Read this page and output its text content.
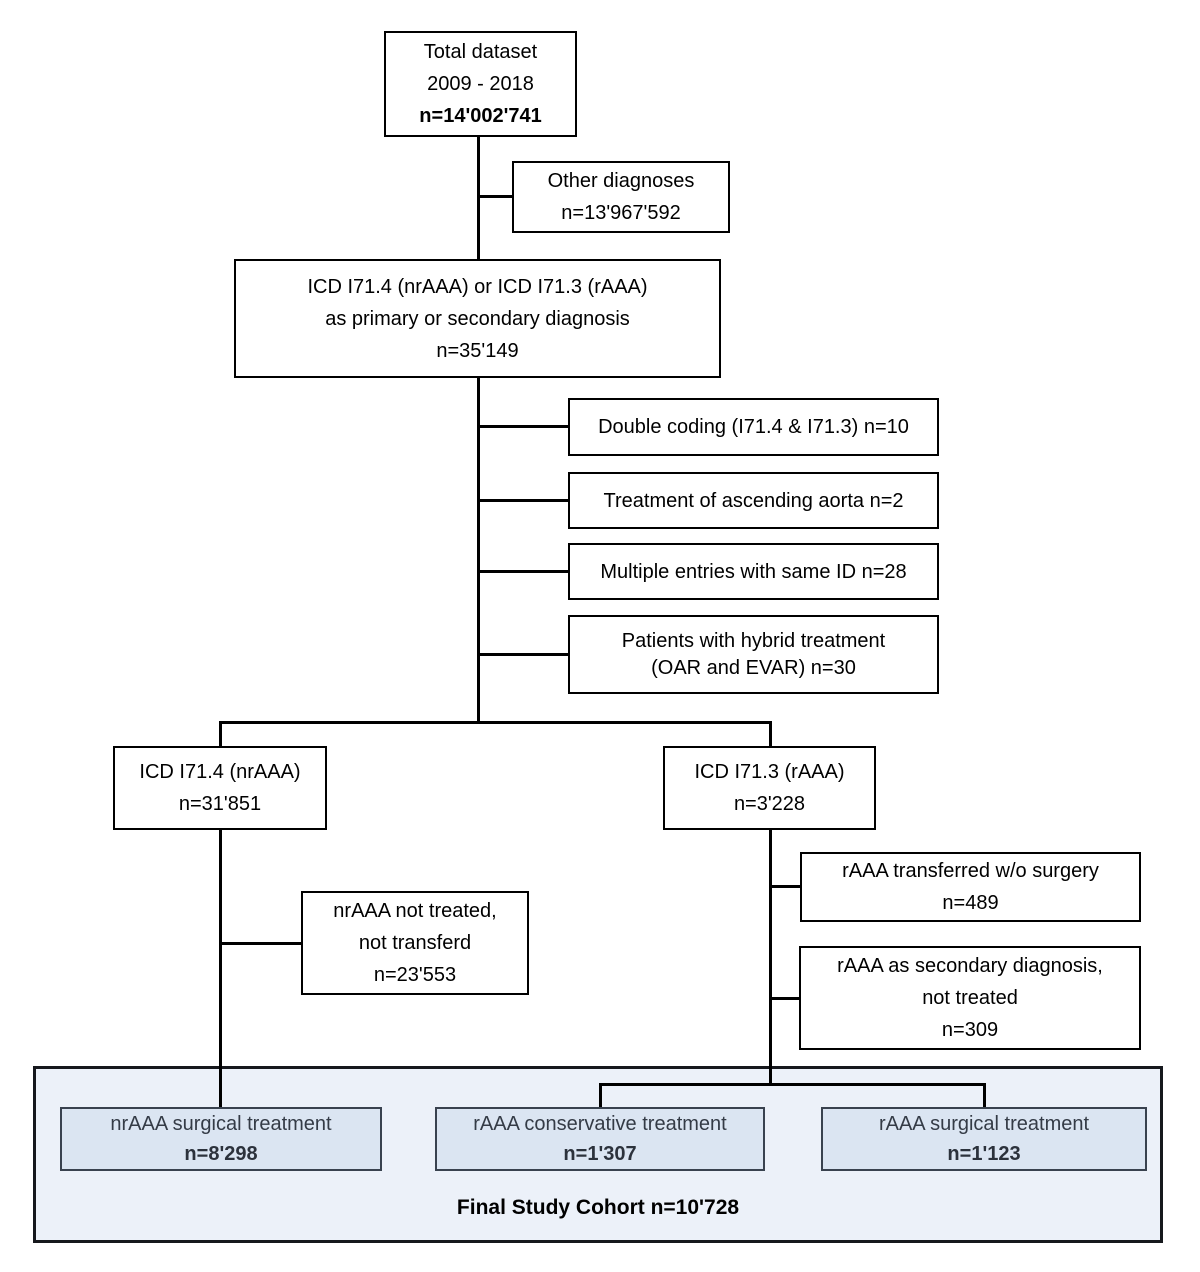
Total dataset
2009 - 2018
n=14'002'741
Other diagnoses
n=13'967'592
ICD I71.4 (nrAAA) or ICD I71.3 (rAAA)
as primary or secondary diagnosis
n=35'149
Double coding (I71.4 & I71.3) n=10
Treatment of ascending aorta n=2
Multiple entries with same ID n=28
Patients with hybrid treatment
(OAR and EVAR) n=30
ICD I71.4 (nrAAA)
n=31'851
ICD I71.3 (rAAA)
n=3'228
nrAAA not treated,
not transferd
n=23'553
rAAA transferred w/o surgery
n=489
rAAA as secondary diagnosis,
not treated
n=309
nrAAA surgical treatment
n=8'298
rAAA conservative treatment
n=1'307
rAAA surgical treatment
n=1'123
Final Study Cohort n=10'728
